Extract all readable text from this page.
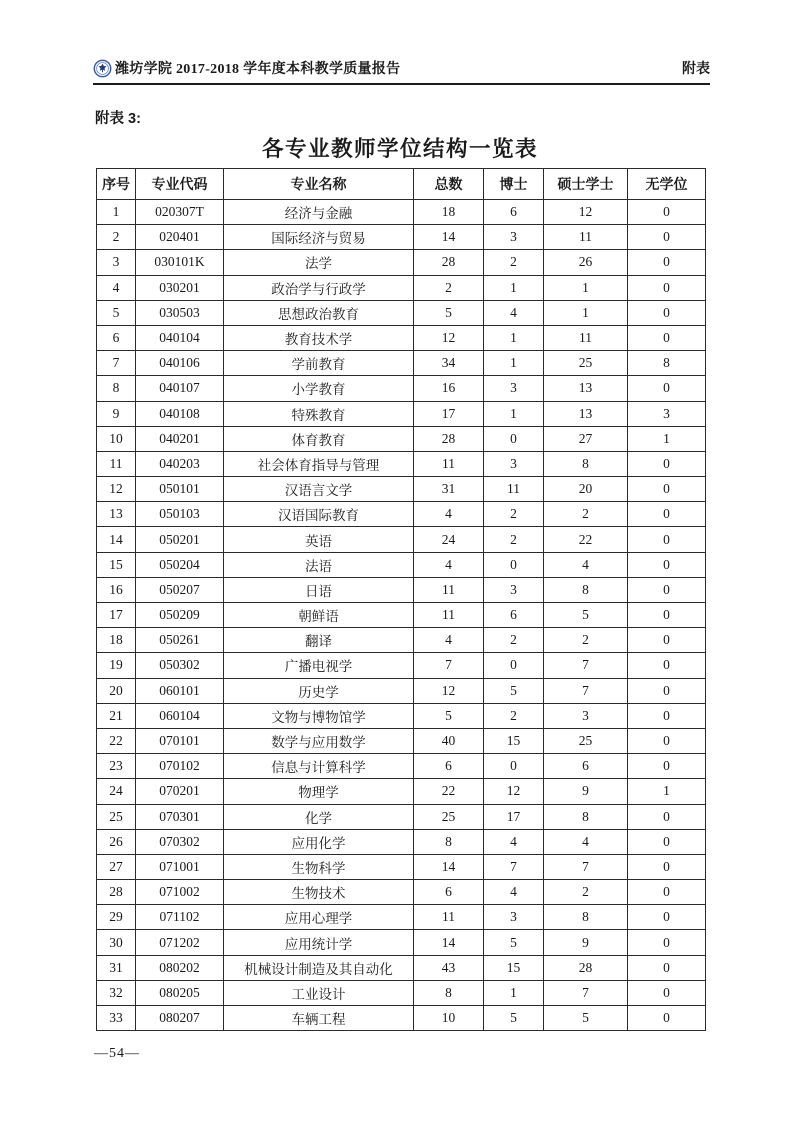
潍坊学院 2017-2018 学年度本科教学质量报告	附表
附表 3:
各专业教师学位结构一览表
序号	专业代码	专业名称	总数	博士	硕士学士	无学位
1	020307T	经济与金融	18	6	12	0
2	020401	国际经济与贸易	14	3	11	0
3	030101K	法学	28	2	26	0
4	030201	政治学与行政学	2	1	1	0
5	030503	思想政治教育	5	4	1	0
6	040104	教育技术学	12	1	11	0
7	040106	学前教育	34	1	25	8
8	040107	小学教育	16	3	13	0
9	040108	特殊教育	17	1	13	3
10	040201	体育教育	28	0	27	1
11	040203	社会体育指导与管理	11	3	8	0
12	050101	汉语言文学	31	11	20	0
13	050103	汉语国际教育	4	2	2	0
14	050201	英语	24	2	22	0
15	050204	法语	4	0	4	0
16	050207	日语	11	3	8	0
17	050209	朝鲜语	11	6	5	0
18	050261	翻译	4	2	2	0
19	050302	广播电视学	7	0	7	0
20	060101	历史学	12	5	7	0
21	060104	文物与博物馆学	5	2	3	0
22	070101	数学与应用数学	40	15	25	0
23	070102	信息与计算科学	6	0	6	0
24	070201	物理学	22	12	9	1
25	070301	化学	25	17	8	0
26	070302	应用化学	8	4	4	0
27	071001	生物科学	14	7	7	0
28	071002	生物技术	6	4	2	0
29	071102	应用心理学	11	3	8	0
30	071202	应用统计学	14	5	9	0
31	080202	机械设计制造及其自动化	43	15	28	0
32	080205	工业设计	8	1	7	0
33	080207	车辆工程	10	5	5	0
—54—
